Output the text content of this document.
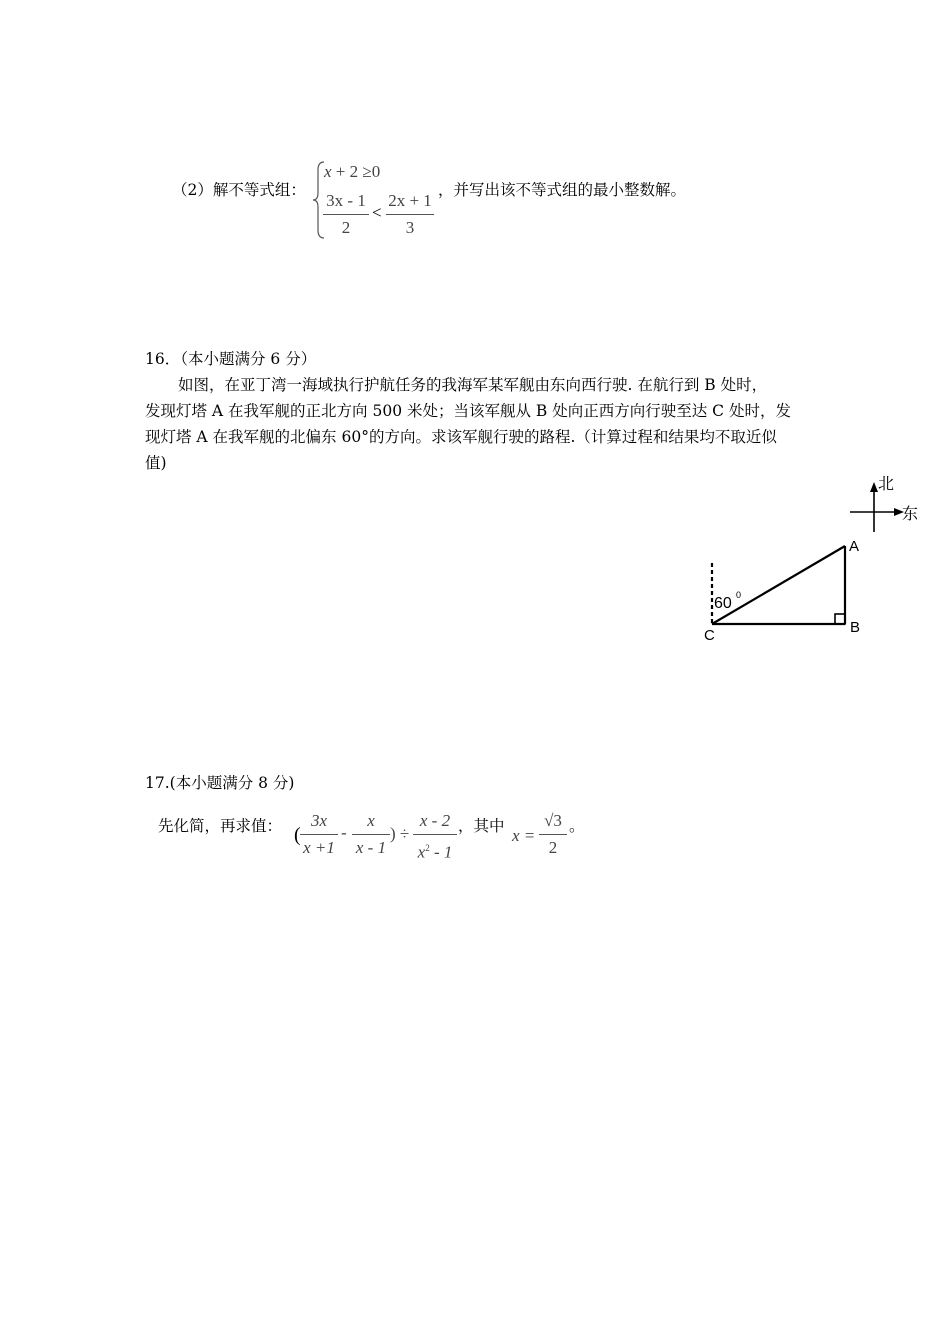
（2）解不等式组：
x + 2 ≥0
3x - 1
2
<
2x + 1
3
，并写出该不等式组的最小整数解。
16．（本小题满分 6 分）
如图，在亚丁湾一海域执行护航任务的我海军某军舰由东向西行驶. 在航行到 B 处时，
发现灯塔 A 在我军舰的正北方向 500 米处；当该军舰从 B 处向正西方向行驶至达 C 处时，发
现灯塔 A 在我军舰的北偏东 60°的方向。求该军舰行驶的路程.（计算过程和结果均不取近似
值)
北
东
A
B
C
60 0
17.(本小题满分 8 分)
先化简，再求值： (
3x
x +1
-
x
x - 1
) ÷
x - 2
$x^2 - 1$
，其中 x =
√3
2
。
